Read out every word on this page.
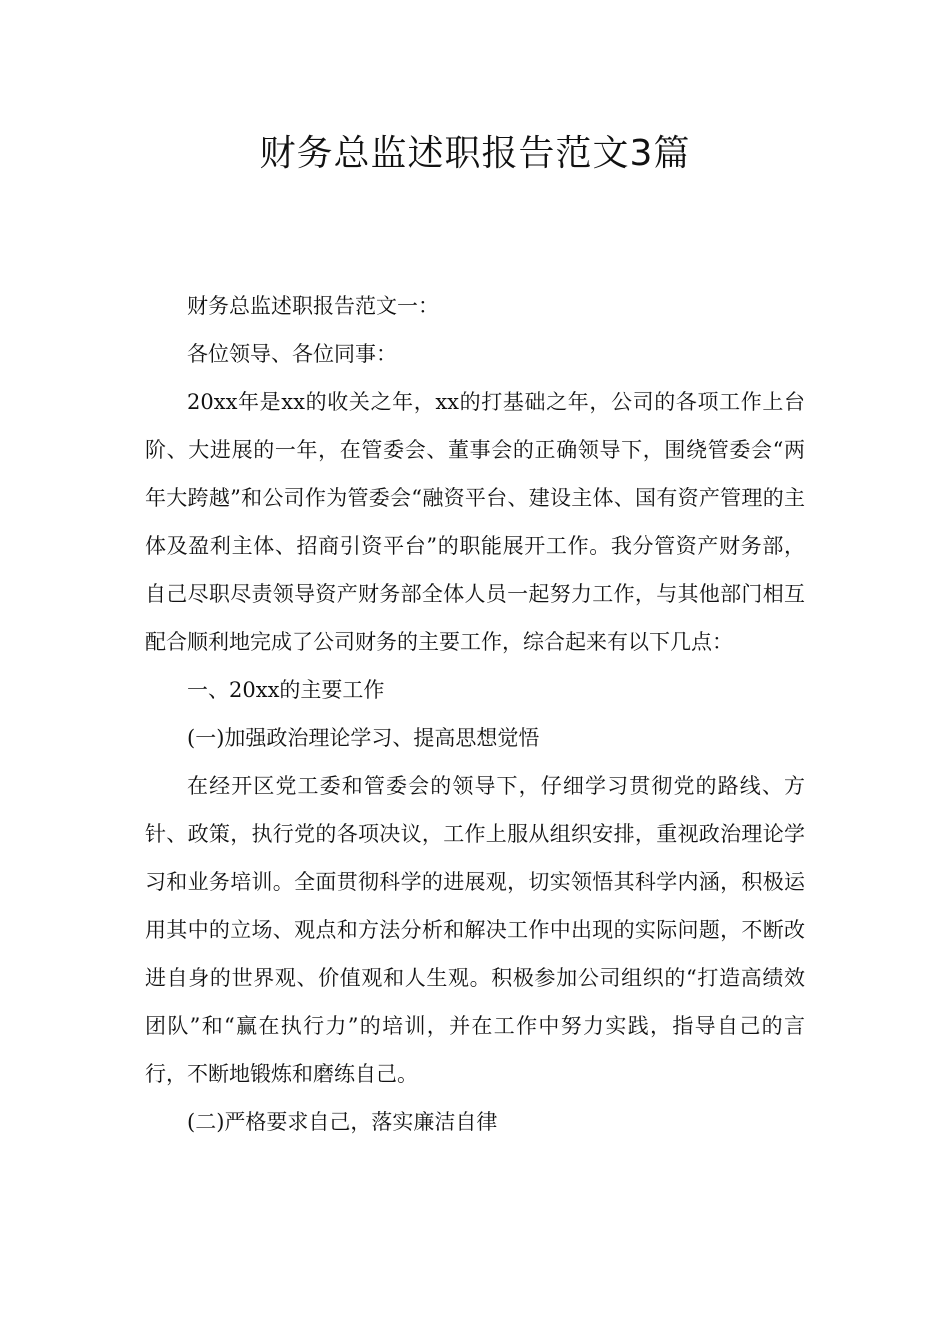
财务总监述职报告范文3篇

财务总监述职报告范文一：

各位领导、各位同事：

20xx年是xx的收关之年，xx的打基础之年，公司的各项工作上台阶、大进展的一年，在管委会、董事会的正确领导下，围绕管委会“两年大跨越”和公司作为管委会“融资平台、建设主体、国有资产管理的主体及盈利主体、招商引资平台”的职能展开工作。我分管资产财务部，自己尽职尽责领导资产财务部全体人员一起努力工作，与其他部门相互配合顺利地完成了公司财务的主要工作，综合起来有以下几点：

一、20xx的主要工作

(一)加强政治理论学习、提高思想觉悟

在经开区党工委和管委会的领导下，仔细学习贯彻党的路线、方针、政策，执行党的各项决议，工作上服从组织安排，重视政治理论学习和业务培训。全面贯彻科学的进展观，切实领悟其科学内涵，积极运用其中的立场、观点和方法分析和解决工作中出现的实际问题，不断改进自身的世界观、价值观和人生观。积极参加公司组织的“打造高绩效团队”和“赢在执行力”的培训，并在工作中努力实践，指导自己的言行，不断地锻炼和磨练自己。

(二)严格要求自己，落实廉洁自律
